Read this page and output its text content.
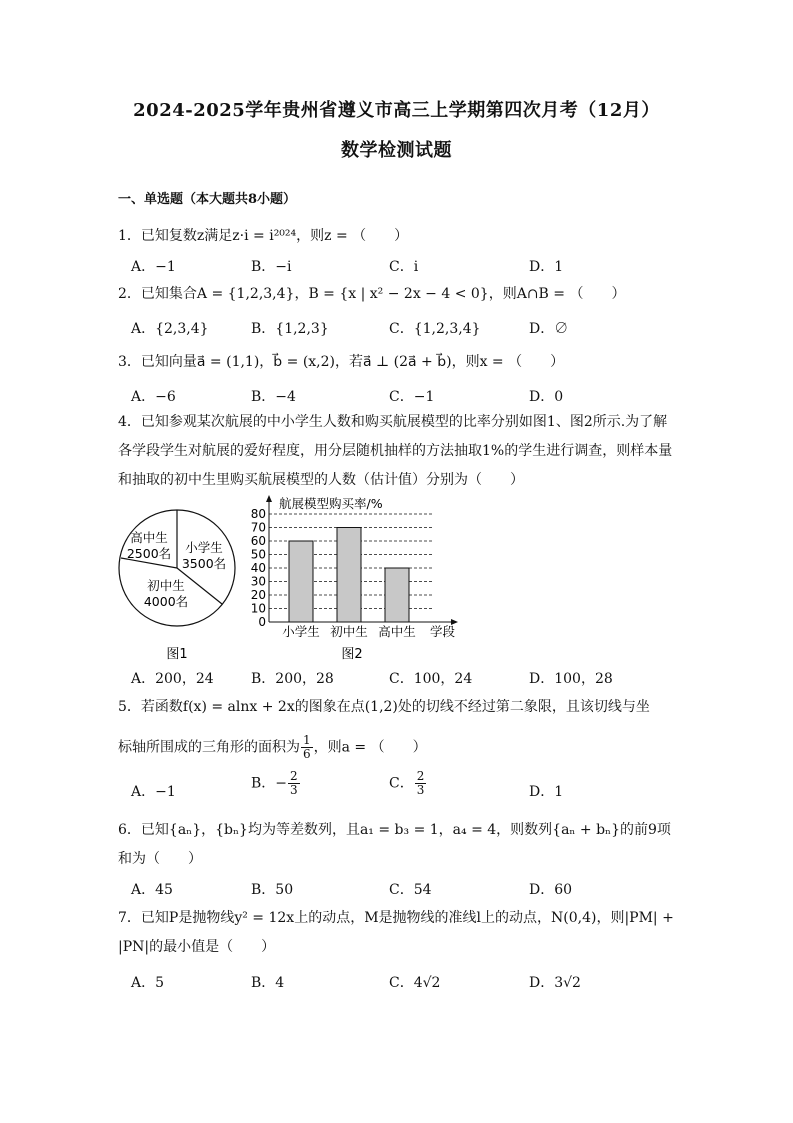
2024-2025学年贵州省遵义市高三上学期第四次月考（12月）
数学检测试题
一、单选题（本大题共8小题）
1．已知复数z满足z·i = i²⁰²⁴，则z = （　　）
A．−1	B．−i	C．i	D．1
2．已知集合A = {1,2,3,4}，B = {x | x² − 2x − 4 < 0}，则A∩B = （　　）
A．{2,3,4}	B．{1,2,3}	C．{1,2,3,4}	D．∅
3．已知向量a⃗ = (1,1)，b⃗ = (x,2)，若a⃗ ⊥ (2a⃗ + b⃗)，则x = （　　）
A．−6	B．−4	C．−1	D．0
4．已知参观某次航展的中小学生人数和购买航展模型的比率分别如图1、图2所示.为了解各学段学生对航展的爱好程度，用分层随机抽样的方法抽取1%的学生进行调查，则样本量和抽取的初中生里购买航展模型的人数（估计值）分别为（　　）
高中生
2500名 小学生
3500名
初中生
4000名
图1
0
10
20
30
40
50
60
70
80
小学生 初中生 高中生
航展模型购买率/%
学段
图2
A．200，24	B．200，28	C．100，24	D．100，28
5．若函数f(x) = alnx + 2x的图象在点(1,2)处的切线不经过第二象限，且该切线与坐
标轴所围成的三角形的面积为 $\frac{1}{6}$ ，则a = （　　）
A．−1
B．− $\frac{2}{3}$	C． $\frac{2}{3}$	D．1
6．已知{aₙ}，{bₙ}均为等差数列，且a₁ = b₃ = 1，a₄ = 4，则数列{aₙ + bₙ}的前9项和为（　　）
A．45	B．50	C．54	D．60
7．已知P是抛物线y² = 12x上的动点，M是抛物线的准线l上的动点，N(0,4)，则|PM| + |PN|的最小值是（　　）
A．5	B．4	C．4√2	D．3√2
